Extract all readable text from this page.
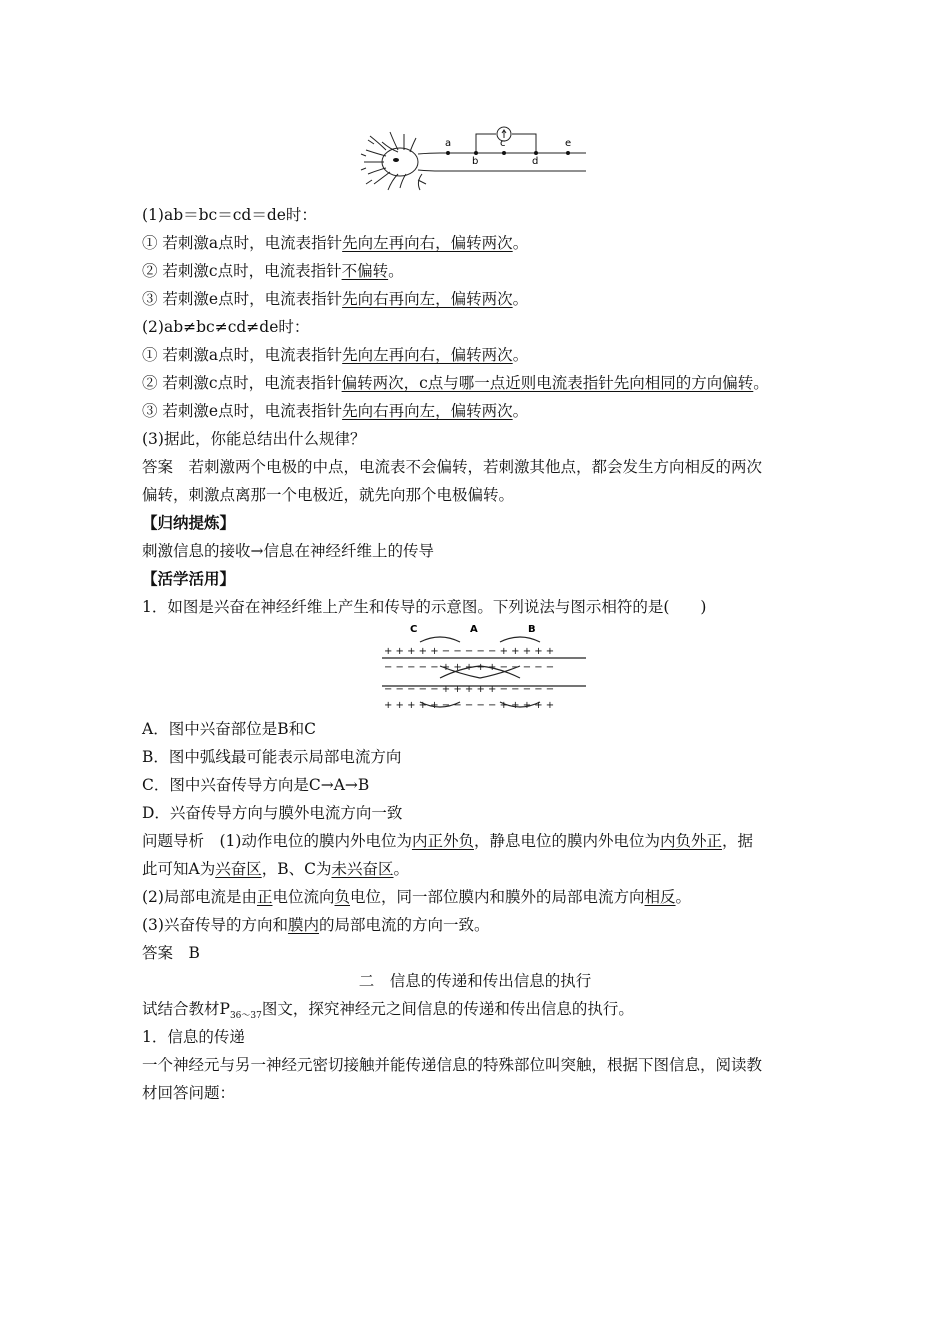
a
b
c
d
e
(1)ab＝bc＝cd＝de时：
① 若刺激a点时，电流表指针先向左再向右，偏转两次。
② 若刺激c点时，电流表指针不偏转。
③ 若刺激e点时，电流表指针先向右再向左，偏转两次。
(2)ab≠bc≠cd≠de时：
① 若刺激a点时，电流表指针先向左再向右，偏转两次。
② 若刺激c点时，电流表指针偏转两次，c点与哪一点近则电流表指针先向相同的方向偏转。
③ 若刺激e点时，电流表指针先向右再向左，偏转两次。
(3)据此，你能总结出什么规律？
答案　若刺激两个电极的中点，电流表不会偏转，若刺激其他点，都会发生方向相反的两次
偏转，刺激点离那一个电极近，就先向那个电极偏转。
【归纳提炼】
刺激信息的接收→信息在神经纤维上的传导
【活学活用】
1．如图是兴奋在神经纤维上产生和传导的示意图。下列说法与图示相符的是(　　)
C	A	B
+ + + + + − − − − − + + + + +
− − − − − + + + + + − − − − −
− − − − − + + + + + − − − − −
+ + + + + − − − − − + + + + +
A．图中兴奋部位是B和C
B．图中弧线最可能表示局部电流方向
C．图中兴奋传导方向是C→A→B
D．兴奋传导方向与膜外电流方向一致
问题导析　(1)动作电位的膜内外电位为内正外负，静息电位的膜内外电位为内负外正，据
此可知A为兴奋区，B、C为未兴奋区。
(2)局部电流是由正电位流向负电位，同一部位膜内和膜外的局部电流方向相反。
(3)兴奋传导的方向和膜内的局部电流的方向一致。
答案　B
二　信息的传递和传出信息的执行
试结合教材$P_{36\sim 37}$图文，探究神经元之间信息的传递和传出信息的执行。
1．信息的传递
一个神经元与另一神经元密切接触并能传递信息的特殊部位叫突触，根据下图信息，阅读教
材回答问题：
